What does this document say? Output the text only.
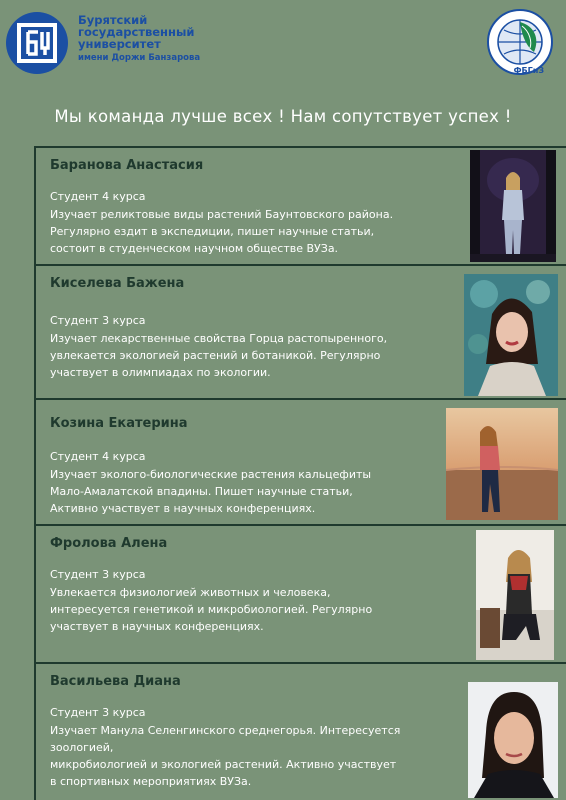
Бурятский
государственный
университет
имени Доржи Банзарова
ФБГиЗ
Мы команда лучше всех ! Нам сопутствует успех !
Баранова Анастасия
Студент 4 курса
Изучает реликтовые виды растений Баунтовского района.
Регулярно ездит в экспедиции, пишет научные статьи,
состоит в студенческом научном обществе ВУЗа.
Киселева Бажена
Студент 3 курса
Изучает лекарственные свойства Горца растопыренного,
увлекается экологией растений и ботаникой. Регулярно
участвует в олимпиадах по экологии.
Козина Екатерина
Студент 4 курса
Изучает эколого-биологические растения кальцефиты
Мало-Амалатской впадины. Пишет научные статьи,
Активно участвует в научных конференциях.
Фролова Алена
Студент 3 курса
Увлекается физиологией животных и человека,
интересуется генетикой и микробиологией. Регулярно
участвует в научных конференциях.
Васильева Диана
Студент 3 курса
Изучает Манула Селенгинского среднегорья. Интересуется
зоологией,
микробиологией и экологией растений. Активно участвует
в спортивных мероприятиях ВУЗа.
